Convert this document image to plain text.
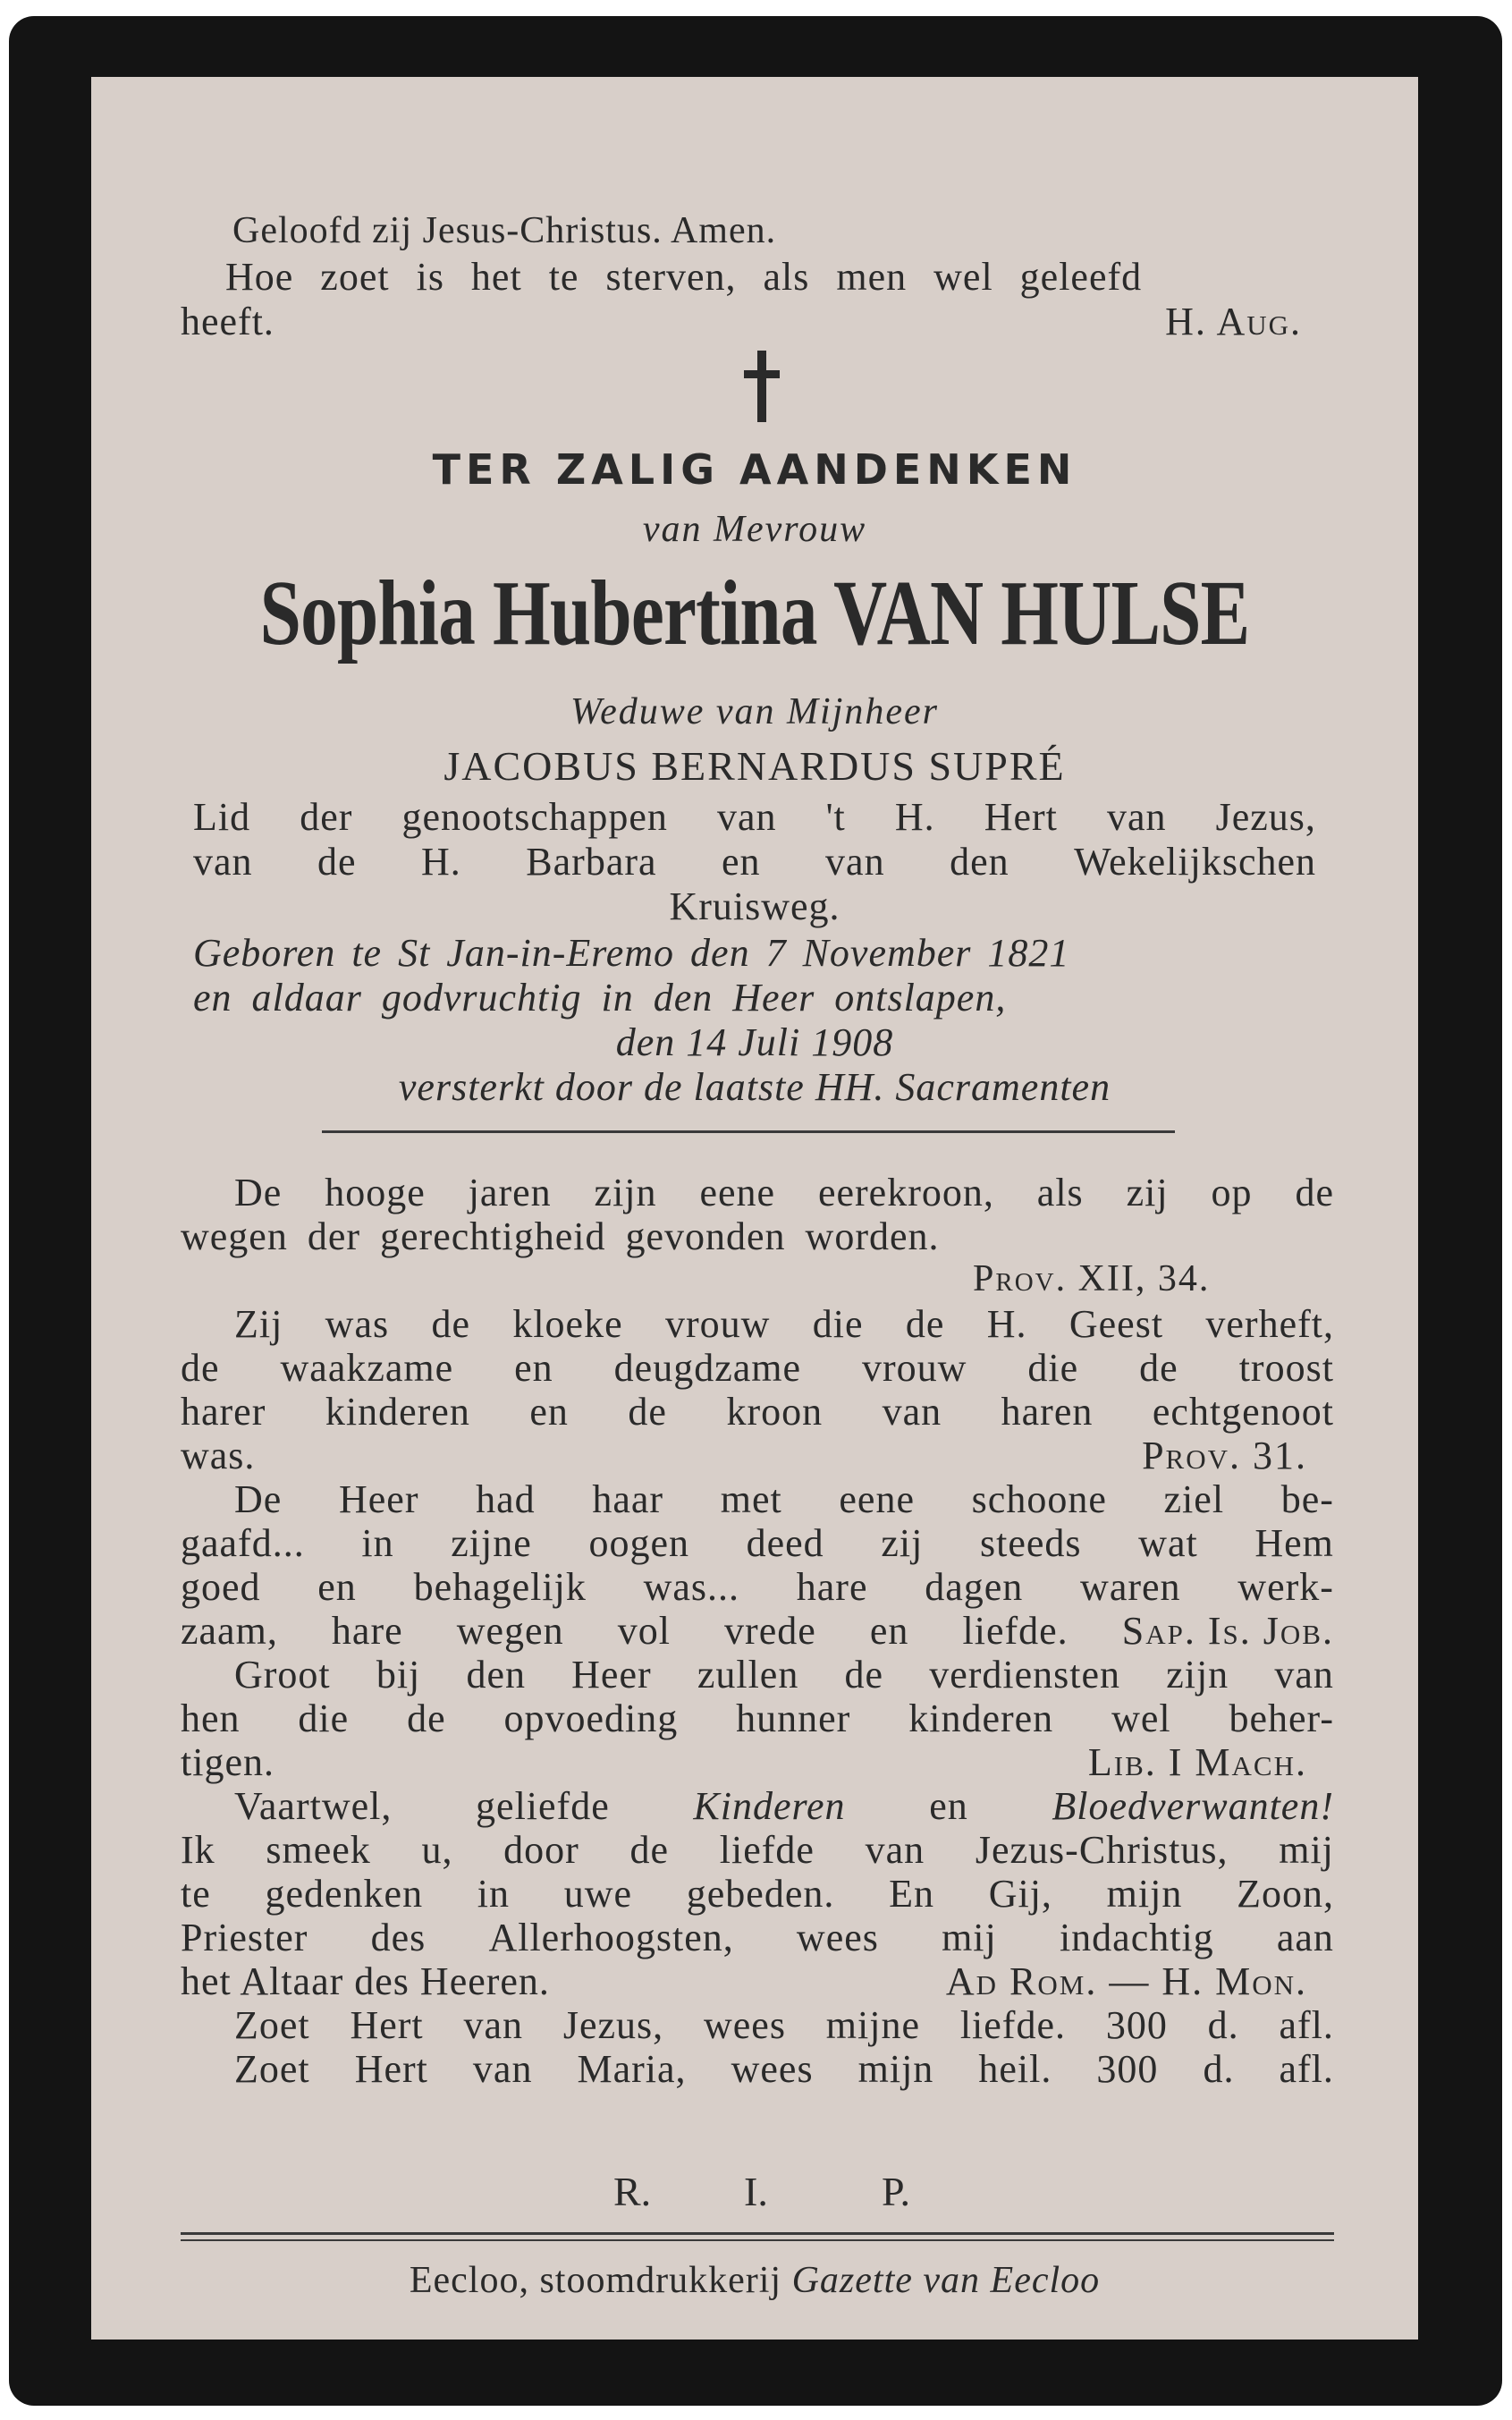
Geloofd zij Jesus-Christus. Amen.
Hoe zoet is het te sterven, als men wel geleefd
heeft.	H. Aug.
TER ZALIG AANDENKEN
van Mevrouw
Sophia Hubertina VAN HULSE
Weduwe van Mijnheer
JACOBUS BERNARDUS SUPRÉ
Lid der genootschappen van 't H. Hert van Jezus,
van de H. Barbara en van den Wekelijkschen
Kruisweg.
Geboren te St Jan-in-Eremo den 7 November 1821
en aldaar godvruchtig in den Heer ontslapen,
den 14 Juli 1908
versterkt door de laatste HH. Sacramenten
De hooge jaren zijn eene eerekroon, als zij op de
wegen der gerechtigheid gevonden worden.
Prov. XII, 34.
Zij was de kloeke vrouw die de H. Geest verheft,
de waakzame en deugdzame vrouw die de troost
harer kinderen en de kroon van haren echtgenoot
was.	Prov. 31.
De Heer had haar met eene schoone ziel be-
gaafd... in zijne oogen deed zij steeds wat Hem
goed en behagelijk was... hare dagen waren werk-
zaam, hare wegen vol vrede en liefde. Sap. Is. Job.
Groot bij den Heer zullen de verdiensten zijn van
hen die de opvoeding hunner kinderen wel beher-
tigen.	Lib. I Mach.
Vaartwel, geliefde Kinderen en Bloedverwanten!
Ik smeek u, door de liefde van Jezus-Christus, mij
te gedenken in uwe gebeden. En Gij, mijn Zoon,
Priester des Allerhoogsten, wees mij indachtig aan
het Altaar des Heeren.	Ad Rom. — H. Mon.
Zoet Hert van Jezus, wees mijne liefde. 300 d. afl.
Zoet Hert van Maria, wees mijn heil. 300 d. afl.
R. I.	P.
Eecloo, stoomdrukkerij Gazette van Eecloo
